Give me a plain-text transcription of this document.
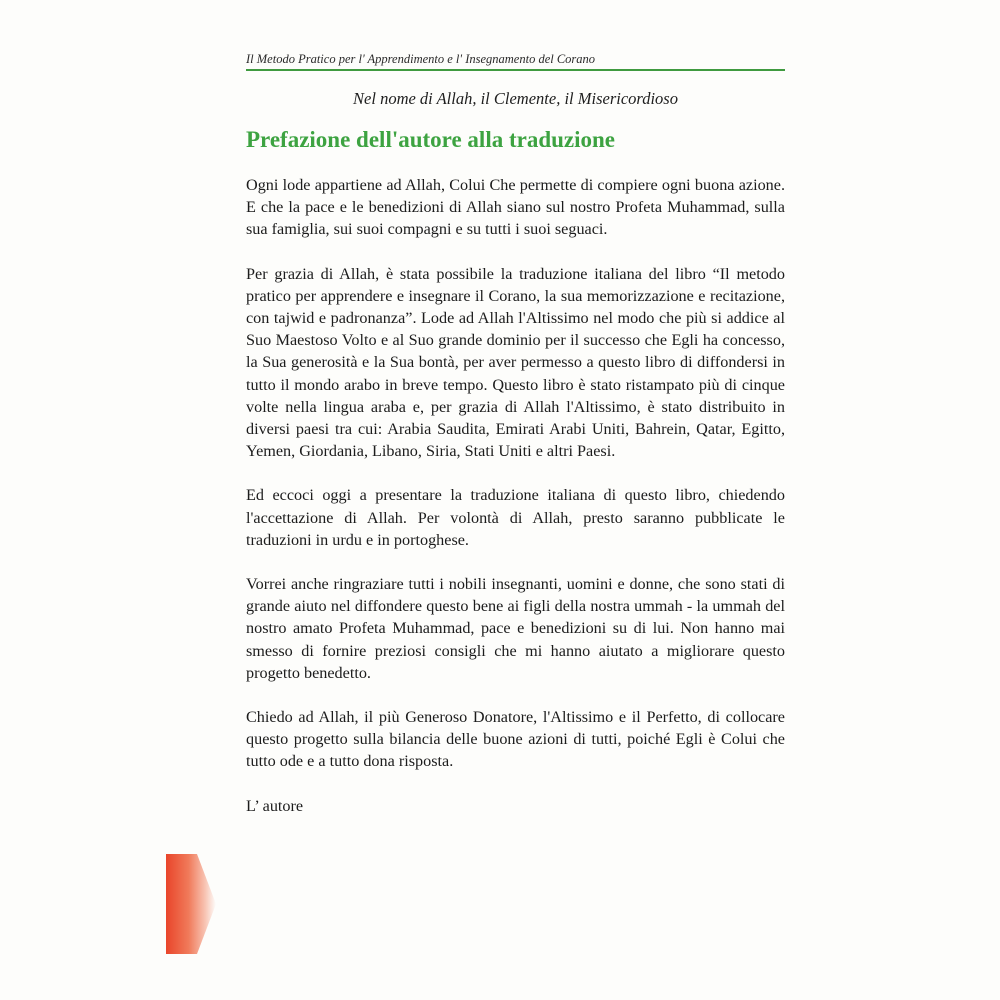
Il Metodo Pratico per l' Apprendimento e l' Insegnamento del Corano
Nel nome di Allah, il Clemente, il Misericordioso
Prefazione dell'autore alla traduzione

Ogni lode appartiene ad Allah, Colui Che permette di compiere ogni buona azione. E che la pace e le benedizioni di Allah siano sul nostro Profeta Muhammad, sulla sua famiglia, sui suoi compagni e su tutti i suoi seguaci.

Per grazia di Allah, è stata possibile la traduzione italiana del libro “Il metodo pratico per apprendere e insegnare il Corano, la sua memorizzazione e recitazione, con tajwid e padronanza”. Lode ad Allah l'Altissimo nel modo che più si addice al Suo Maestoso Volto e al Suo grande dominio per il successo che Egli ha concesso, la Sua generosità e la Sua bontà, per aver permesso a questo libro di diffondersi in tutto il mondo arabo in breve tempo. Questo libro è stato ristampato più di cinque volte nella lingua araba e, per grazia di Allah l'Altissimo, è stato distribuito in diversi paesi tra cui: Arabia Saudita, Emirati Arabi Uniti, Bahrein, Qatar, Egitto, Yemen, Giordania, Libano, Siria, Stati Uniti e altri Paesi.

Ed eccoci oggi a presentare la traduzione italiana di questo libro, chiedendo l'accettazione di Allah. Per volontà di Allah, presto saranno pubblicate le traduzioni in urdu e in portoghese.

Vorrei anche ringraziare tutti i nobili insegnanti, uomini e donne, che sono stati di grande aiuto nel diffondere questo bene ai figli della nostra ummah - la ummah del nostro amato Profeta Muhammad, pace e benedizioni su di lui. Non hanno mai smesso di fornire preziosi consigli che mi hanno aiutato a migliorare questo progetto benedetto.

Chiedo ad Allah, il più Generoso Donatore, l'Altissimo e il Perfetto, di collocare questo progetto sulla bilancia delle buone azioni di tutti, poiché Egli è Colui che tutto ode e a tutto dona risposta.

L’ autore
